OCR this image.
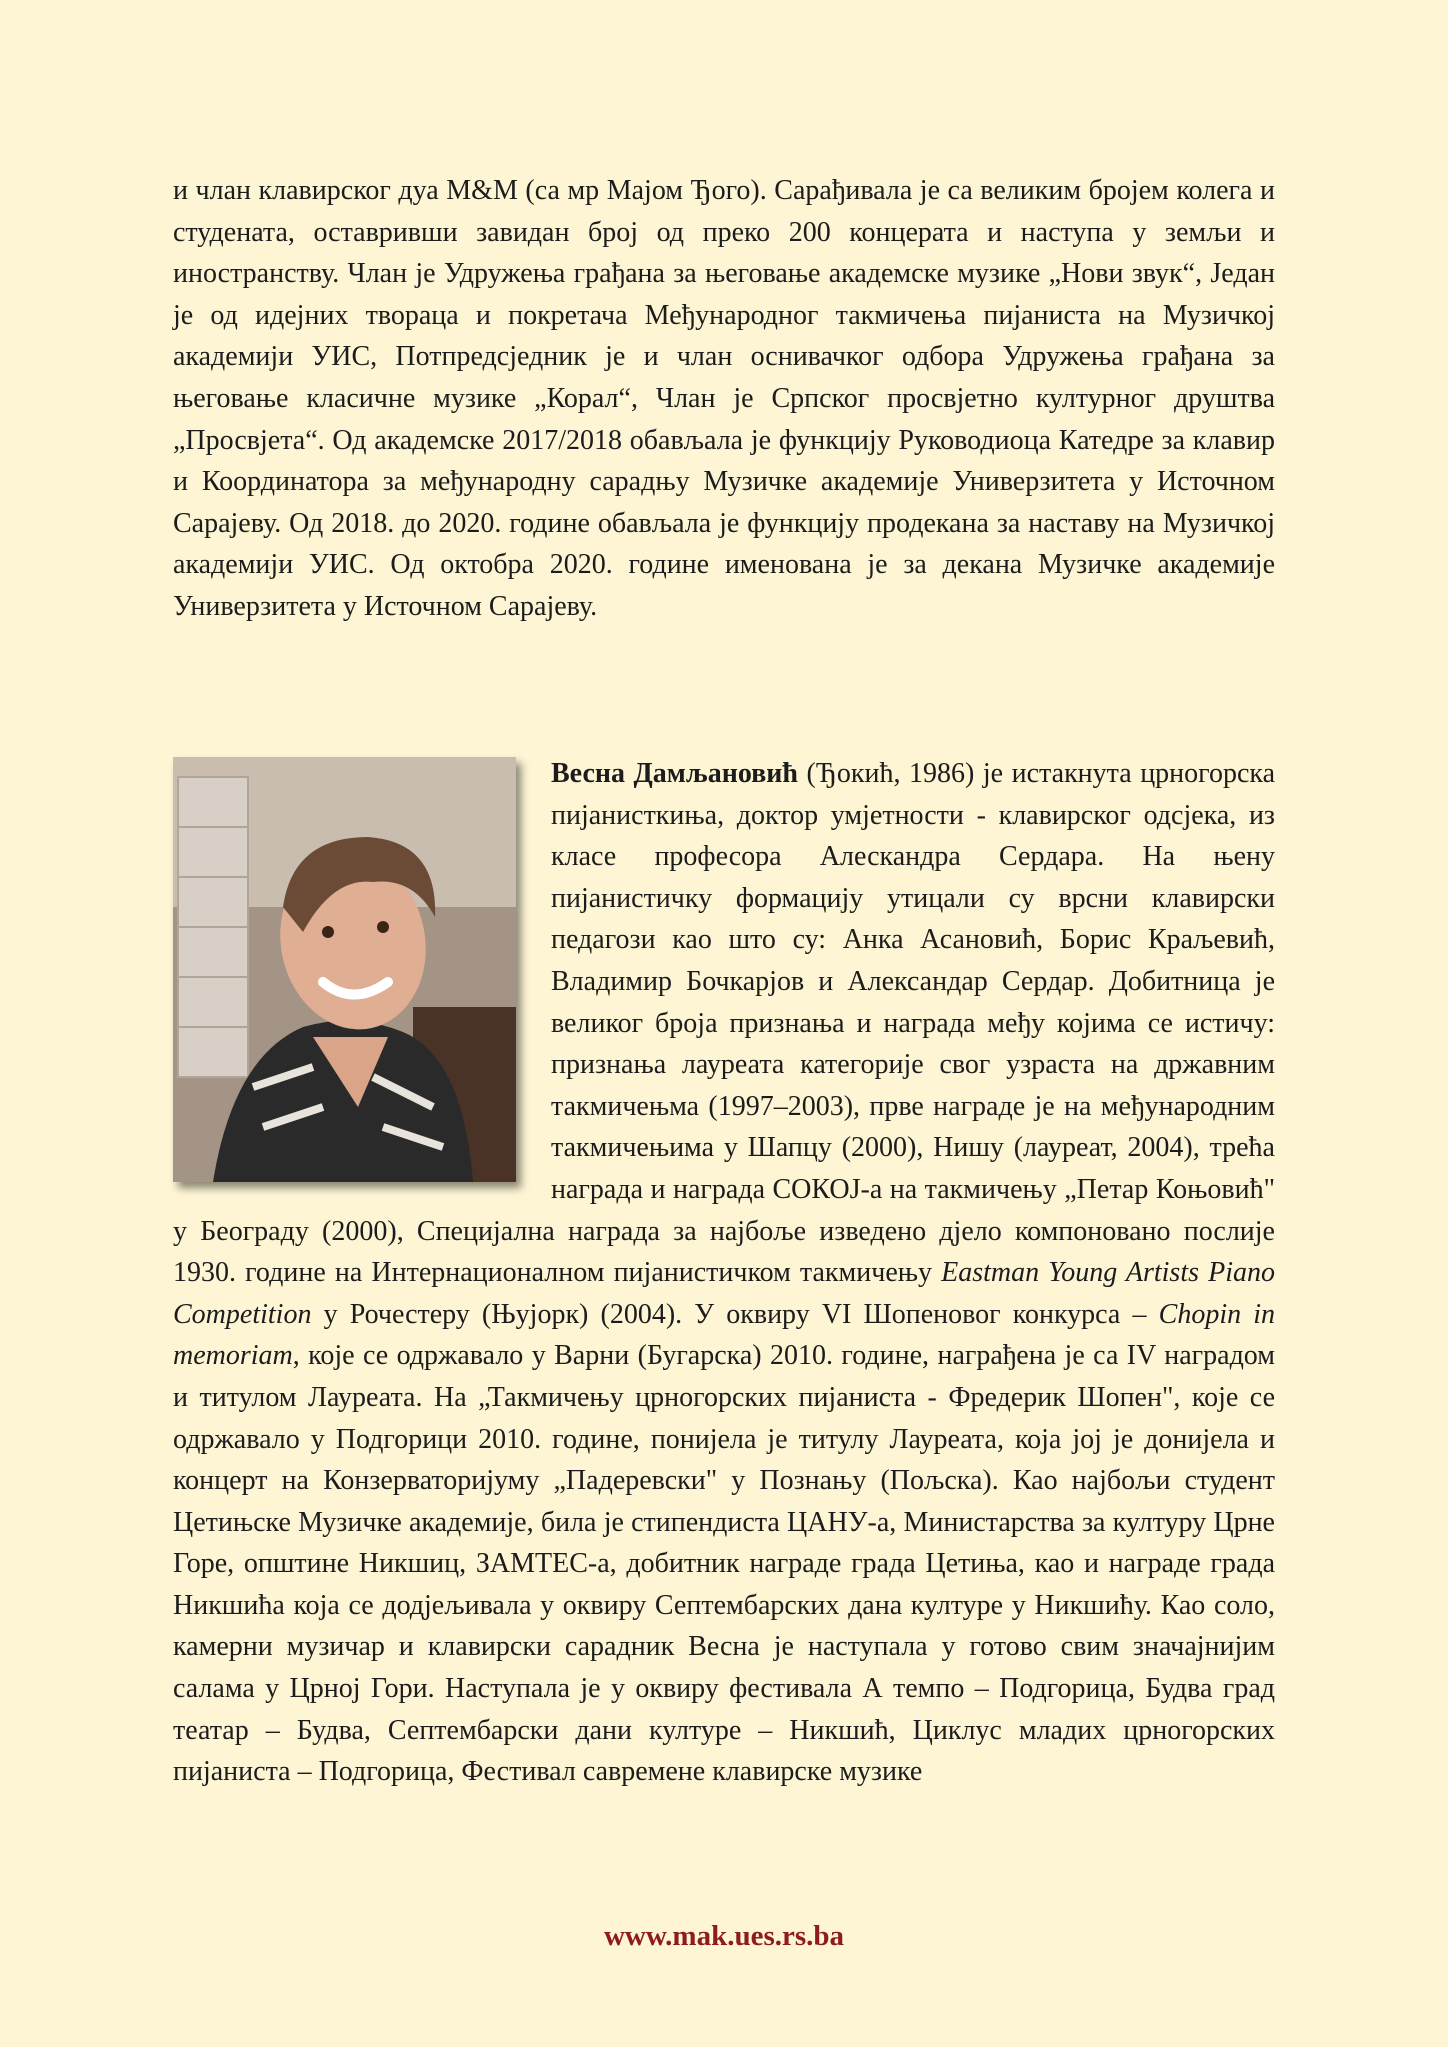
и члан клавирског дуа M&M (са мр Мајом Ђого). Сарађивала је са великим бројем колега и студената, оставривши завидан број од преко 200 концерата и наступа у земљи и иностранству. Члан је Удружења грађана за његовање академске музике „Нови звук“, Један је од идејних твораца и покретача Међународног такмичења пијаниста на Музичкој академији УИС, Потпредсједник је и члан оснивачког одбора Удружења грађана за његовање класичне музике „Корал“, Члан је Српског просвјетно културног друштва „Просвјета“. Од академске 2017/2018 обављала је функцију Руководиоца Катедре за клавир и Координатора за међународну сарадњу Музичке академије Универзитета у Источном Сарајеву. Од 2018. до 2020. године обављала је функцију продекана за наставу на Музичкој академији УИС. Од октобра 2020. године именована је за декана Музичке академије Универзитета у Источном Сарајеву.

Весна Дамљановић (Ђокић, 1986) је истакнута црногорска пијанисткиња, доктор умјетности - клавирског одсјека, из класе професора Алескандра Сердара. На њену пијанистичку формацију утицали су врсни клавирски педагози као што су: Анка Асановић, Борис Краљевић, Владимир Бочкарјов и Александар Сердар. Добитница је великог броја признања и награда међу којима се истичу: признања лауреата категорије свог узраста на државним такмичењма (1997–2003), прве награде је на међународним такмичењима у Шапцу (2000), Нишу (лауреат, 2004), трећа награда и награда СОКОЈ-а на такмичењу „Петар Коњовић" у Београду (2000), Специјална награда за најбоље изведено дјело компоновано послије 1930. године на Интернационалном пијанистичком такмичењу Eastman Young Artists Piano Competition у Рочестеру (Њујорк) (2004). У оквиру VI Шопеновог конкурса – Chopin in memoriam, које се одржавало у Варни (Бугарска) 2010. године, награђена је са IV наградом и титулом Лауреата. На „Такмичењу црногорских пијаниста - Фредерик Шопен", које се одржавало у Подгорици 2010. године, понијела је титулу Лауреата, која јој је донијела и концерт на Конзерваторијуму „Падеревски" у Познању (Пољска). Као најбољи студент Цетињске Музичке академије, била је стипендиста ЦАНУ-а, Министарства за културу Црне Горе, општине Никшиц, ЗАМТЕС-а, добитник награде града Цетиња, као и награде града Никшића која се додјељивала у оквиру Септембарских дана културе у Никшићу. Као соло, камерни музичар и клавирски сарадник Весна је наступала у готово свим значајнијим салама у Црној Гори. Наступала је у оквиру фестивала А темпо – Подгорица, Будва град театар – Будва, Септембарски дани културе – Никшић, Циклус младих црногорских пијаниста – Подгорица, Фестивал савремене клавирске музике

www.mak.ues.rs.ba
